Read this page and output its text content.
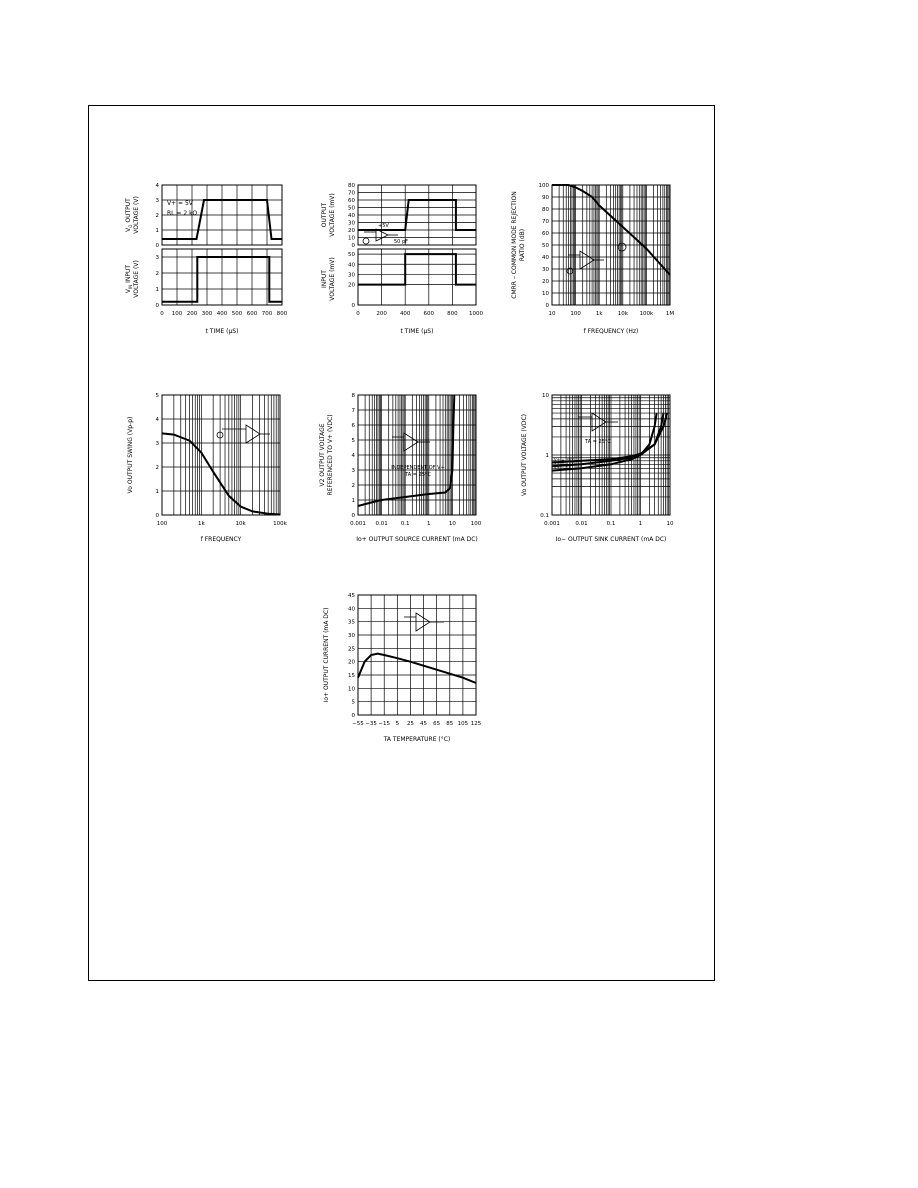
0
1
2
3
4
V+ = 5V
RL = 2 kΩ
0
1
2
3
0 100 200 300 400 500 600 700 800
t TIME (μS)
$V_O$ OUTPUT VOLTAGE (V)
$V_{IN}$ INPUT VOLTAGE (V)
0
10
20
30
40
50
60
70
80
+5V
50 pF
0
20
30
40
50
0	200 400 600 800 1000
t TIME (μS)
OUTPUT VOLTAGE (mV)
INPUT VOLTAGE (mV)
0
10
20
30
40
50
60
70
80
90
100
10	100	1k	10k 100k 1M
f FREQUENCY (Hz)
CMRR – COMMON MODE REJECTION RATIO (dB)
0
1
2
3
4
5
100	1k	10k	100k
f FREQUENCY
Vo OUTPUT SWING (Vp-p)
0
1
2
3
4
5
6
7
8
INDEPENDENT OF V+
TA = 25°C
0.001 0.01 0.1	1	10	100
Io+ OUTPUT SOURCE CURRENT (mA DC)
V2 OUTPUT VOLTAGE REFERENCED TO V+ (VDC)	V+ = 5V
V+ = 15V
V+ = 30V
0.1
1
10
TA = 25°C
0.001	0.01	0.1	1	10
Io− OUTPUT SINK CURRENT (mA DC)
Vo OUTPUT VOLTAGE (VDC)
0
5
10
15
20
25
30
35
40
45
−55 −35 −15 5 25 45 65 85 105 125
TA TEMPERATURE (°C)
Io+ OUTPUT CURRENT (mA DC)
